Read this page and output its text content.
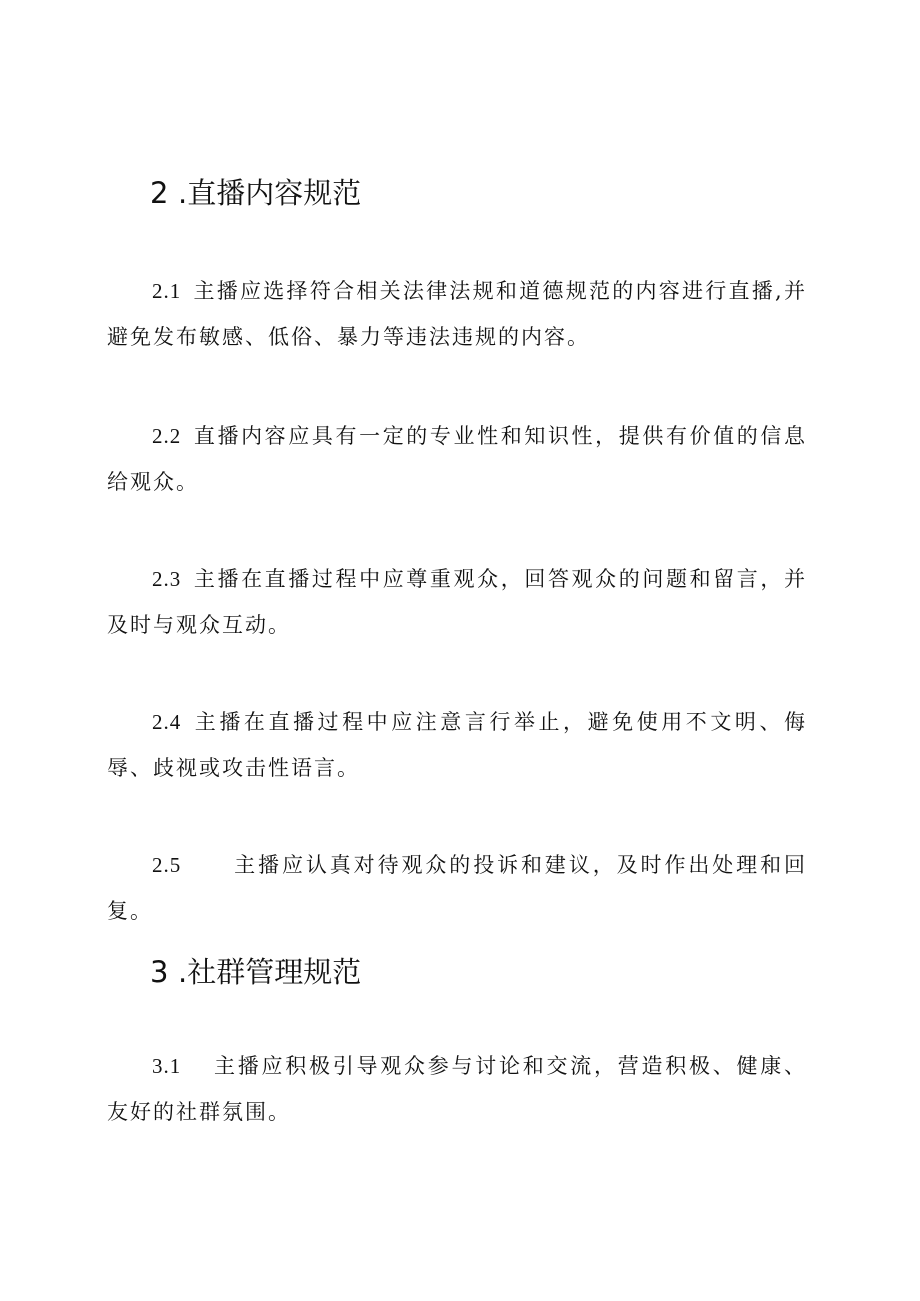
2 .直播内容规范

2.1 主播应选择符合相关法律法规和道德规范的内容进行直播,并避免发布敏感、低俗、暴力等违法违规的内容。

2.2 直播内容应具有一定的专业性和知识性，提供有价值的信息给观众。

2.3 主播在直播过程中应尊重观众，回答观众的问题和留言，并及时与观众互动。

2.4 主播在直播过程中应注意言行举止，避免使用不文明、侮辱、歧视或攻击性语言。

2.5 主播应认真对待观众的投诉和建议，及时作出处理和回复。

3 .社群管理规范

3.1 主播应积极引导观众参与讨论和交流，营造积极、健康、友好的社群氛围。
